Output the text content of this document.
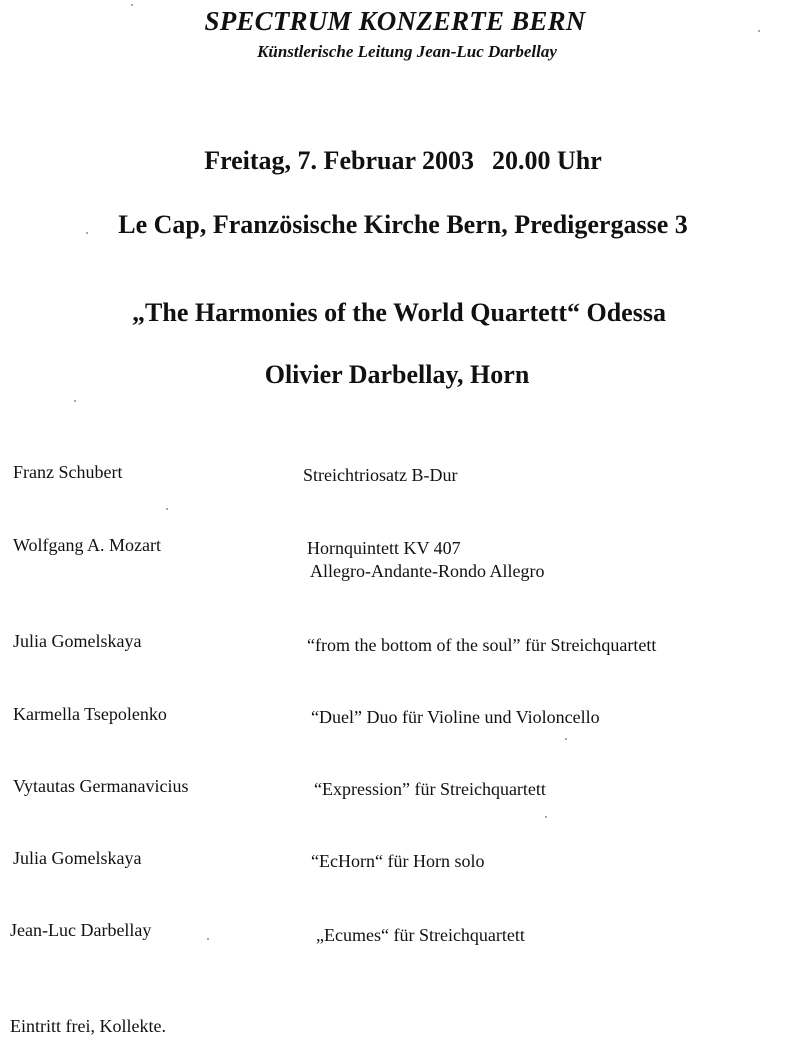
SPECTRUM KONZERTE BERN
Künstlerische Leitung Jean-Luc Darbellay
Freitag, 7. Februar 2003 20.00 Uhr
Le Cap, Französische Kirche Bern, Predigergasse 3
„The Harmonies of the World Quartett“ Odessa
Olivier Darbellay, Horn
Franz Schubert	Streichtriosatz B-Dur
Wolfgang A. Mozart	Hornquintett KV 407
Allegro-Andante-Rondo Allegro
Julia Gomelskaya	“from the bottom of the soul” für Streichquartett
Karmella Tsepolenko	“Duel” Duo für Violine und Violoncello
Vytautas Germanavicius	“Expression” für Streichquartett
Julia Gomelskaya	“EcHorn“ für Horn solo
Jean-Luc Darbellay	„Ecumes“ für Streichquartett
Eintritt frei, Kollekte.
